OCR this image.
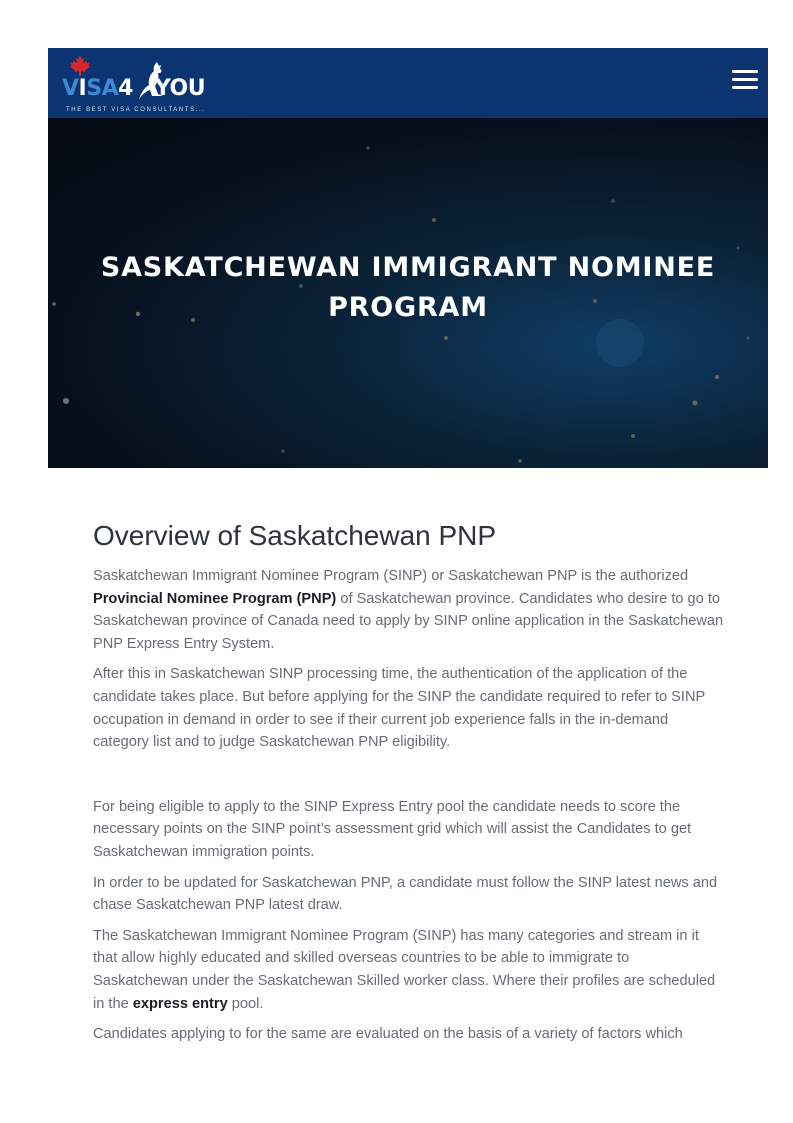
VISA4 YOU
THE BEST VISA CONSULTANTS...
SASKATCHEWAN IMMIGRANT NOMINEE
PROGRAM
Overview of Saskatchewan PNP

Saskatchewan Immigrant Nominee Program (SINP) or Saskatchewan PNP is the authorized Provincial Nominee Program (PNP) of Saskatchewan province. Candidates who desire to go to Saskatchewan province of Canada need to apply by SINP online application in the Saskatchewan PNP Express Entry System.

After this in Saskatchewan SINP processing time, the authentication of the application of the candidate takes place. But before applying for the SINP the candidate required to refer to SINP occupation in demand in order to see if their current job experience falls in the in-demand category list and to judge Saskatchewan PNP eligibility.

For being eligible to apply to the SINP Express Entry pool the candidate needs to score the necessary points on the SINP point’s assessment grid which will assist the Candidates to get Saskatchewan immigration points.

In order to be updated for Saskatchewan PNP, a candidate must follow the SINP latest news and chase Saskatchewan PNP latest draw.

The Saskatchewan Immigrant Nominee Program (SINP) has many categories and stream in it that allow highly educated and skilled overseas countries to be able to immigrate to Saskatchewan under the Saskatchewan Skilled worker class. Where their profiles are scheduled in the express entry pool.

Candidates applying to for the same are evaluated on the basis of a variety of factors which
